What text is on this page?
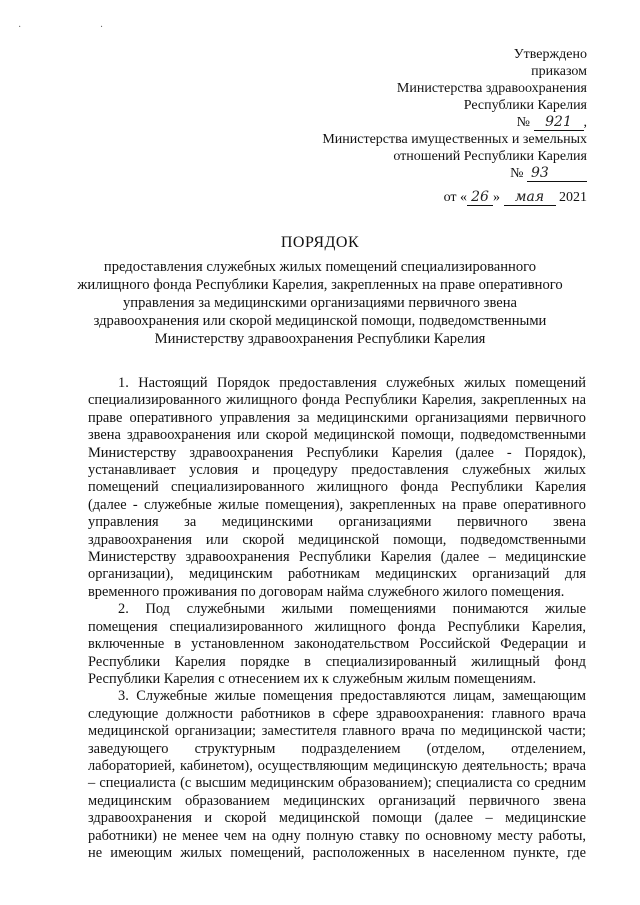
· ·
Утверждено
приказом
Министерства здравоохранения
Республики Карелия
№ 921 ,
Министерства имущественных и земельных
отношений Республики Карелия
№ 93
от « 26 » мая 2021
ПОРЯДОК

предоставления служебных жилых помещений специализированного
жилищного фонда Республики Карелия, закрепленных на праве оперативного
управления за медицинскими организациями первичного звена
здравоохранения или скорой медицинской помощи, подведомственными
Министерству здравоохранения Республики Карелия

1. Настоящий Порядок предоставления служебных жилых помещений
специализированного жилищного фонда Республики Карелия, закрепленных на
праве оперативного управления за медицинскими организациями первичного
звена здравоохранения или скорой медицинской помощи, подведомственными
Министерству здравоохранения Республики Карелия (далее - Порядок),
устанавливает условия и процедуру предоставления служебных жилых
помещений специализированного жилищного фонда Республики Карелия
(далее - служебные жилые помещения), закрепленных на праве оперативного
управления за медицинскими организациями первичного звена
здравоохранения или скорой медицинской помощи, подведомственными
Министерству здравоохранения Республики Карелия (далее – медицинские
организации), медицинским работникам медицинских организаций для
временного проживания по договорам найма служебного жилого помещения.

2. Под служебными жилыми помещениями понимаются жилые
помещения специализированного жилищного фонда Республики Карелия,
включенные в установленном законодательством Российской Федерации и
Республики Карелия порядке в специализированный жилищный фонд
Республики Карелия с отнесением их к служебным жилым помещениям.

3. Служебные жилые помещения предоставляются лицам, замещающим
следующие должности работников в сфере здравоохранения: главного врача
медицинской организации; заместителя главного врача по медицинской части;
заведующего структурным подразделением (отделом, отделением,
лабораторией, кабинетом), осуществляющим медицинскую деятельность; врача
– специалиста (с высшим медицинским образованием); специалиста со средним
медицинским образованием медицинских организаций первичного звена
здравоохранения и скорой медицинской помощи (далее – медицинские
работники) не менее чем на одну полную ставку по основному месту работы,
не имеющим жилых помещений, расположенных в населенном пункте, где
